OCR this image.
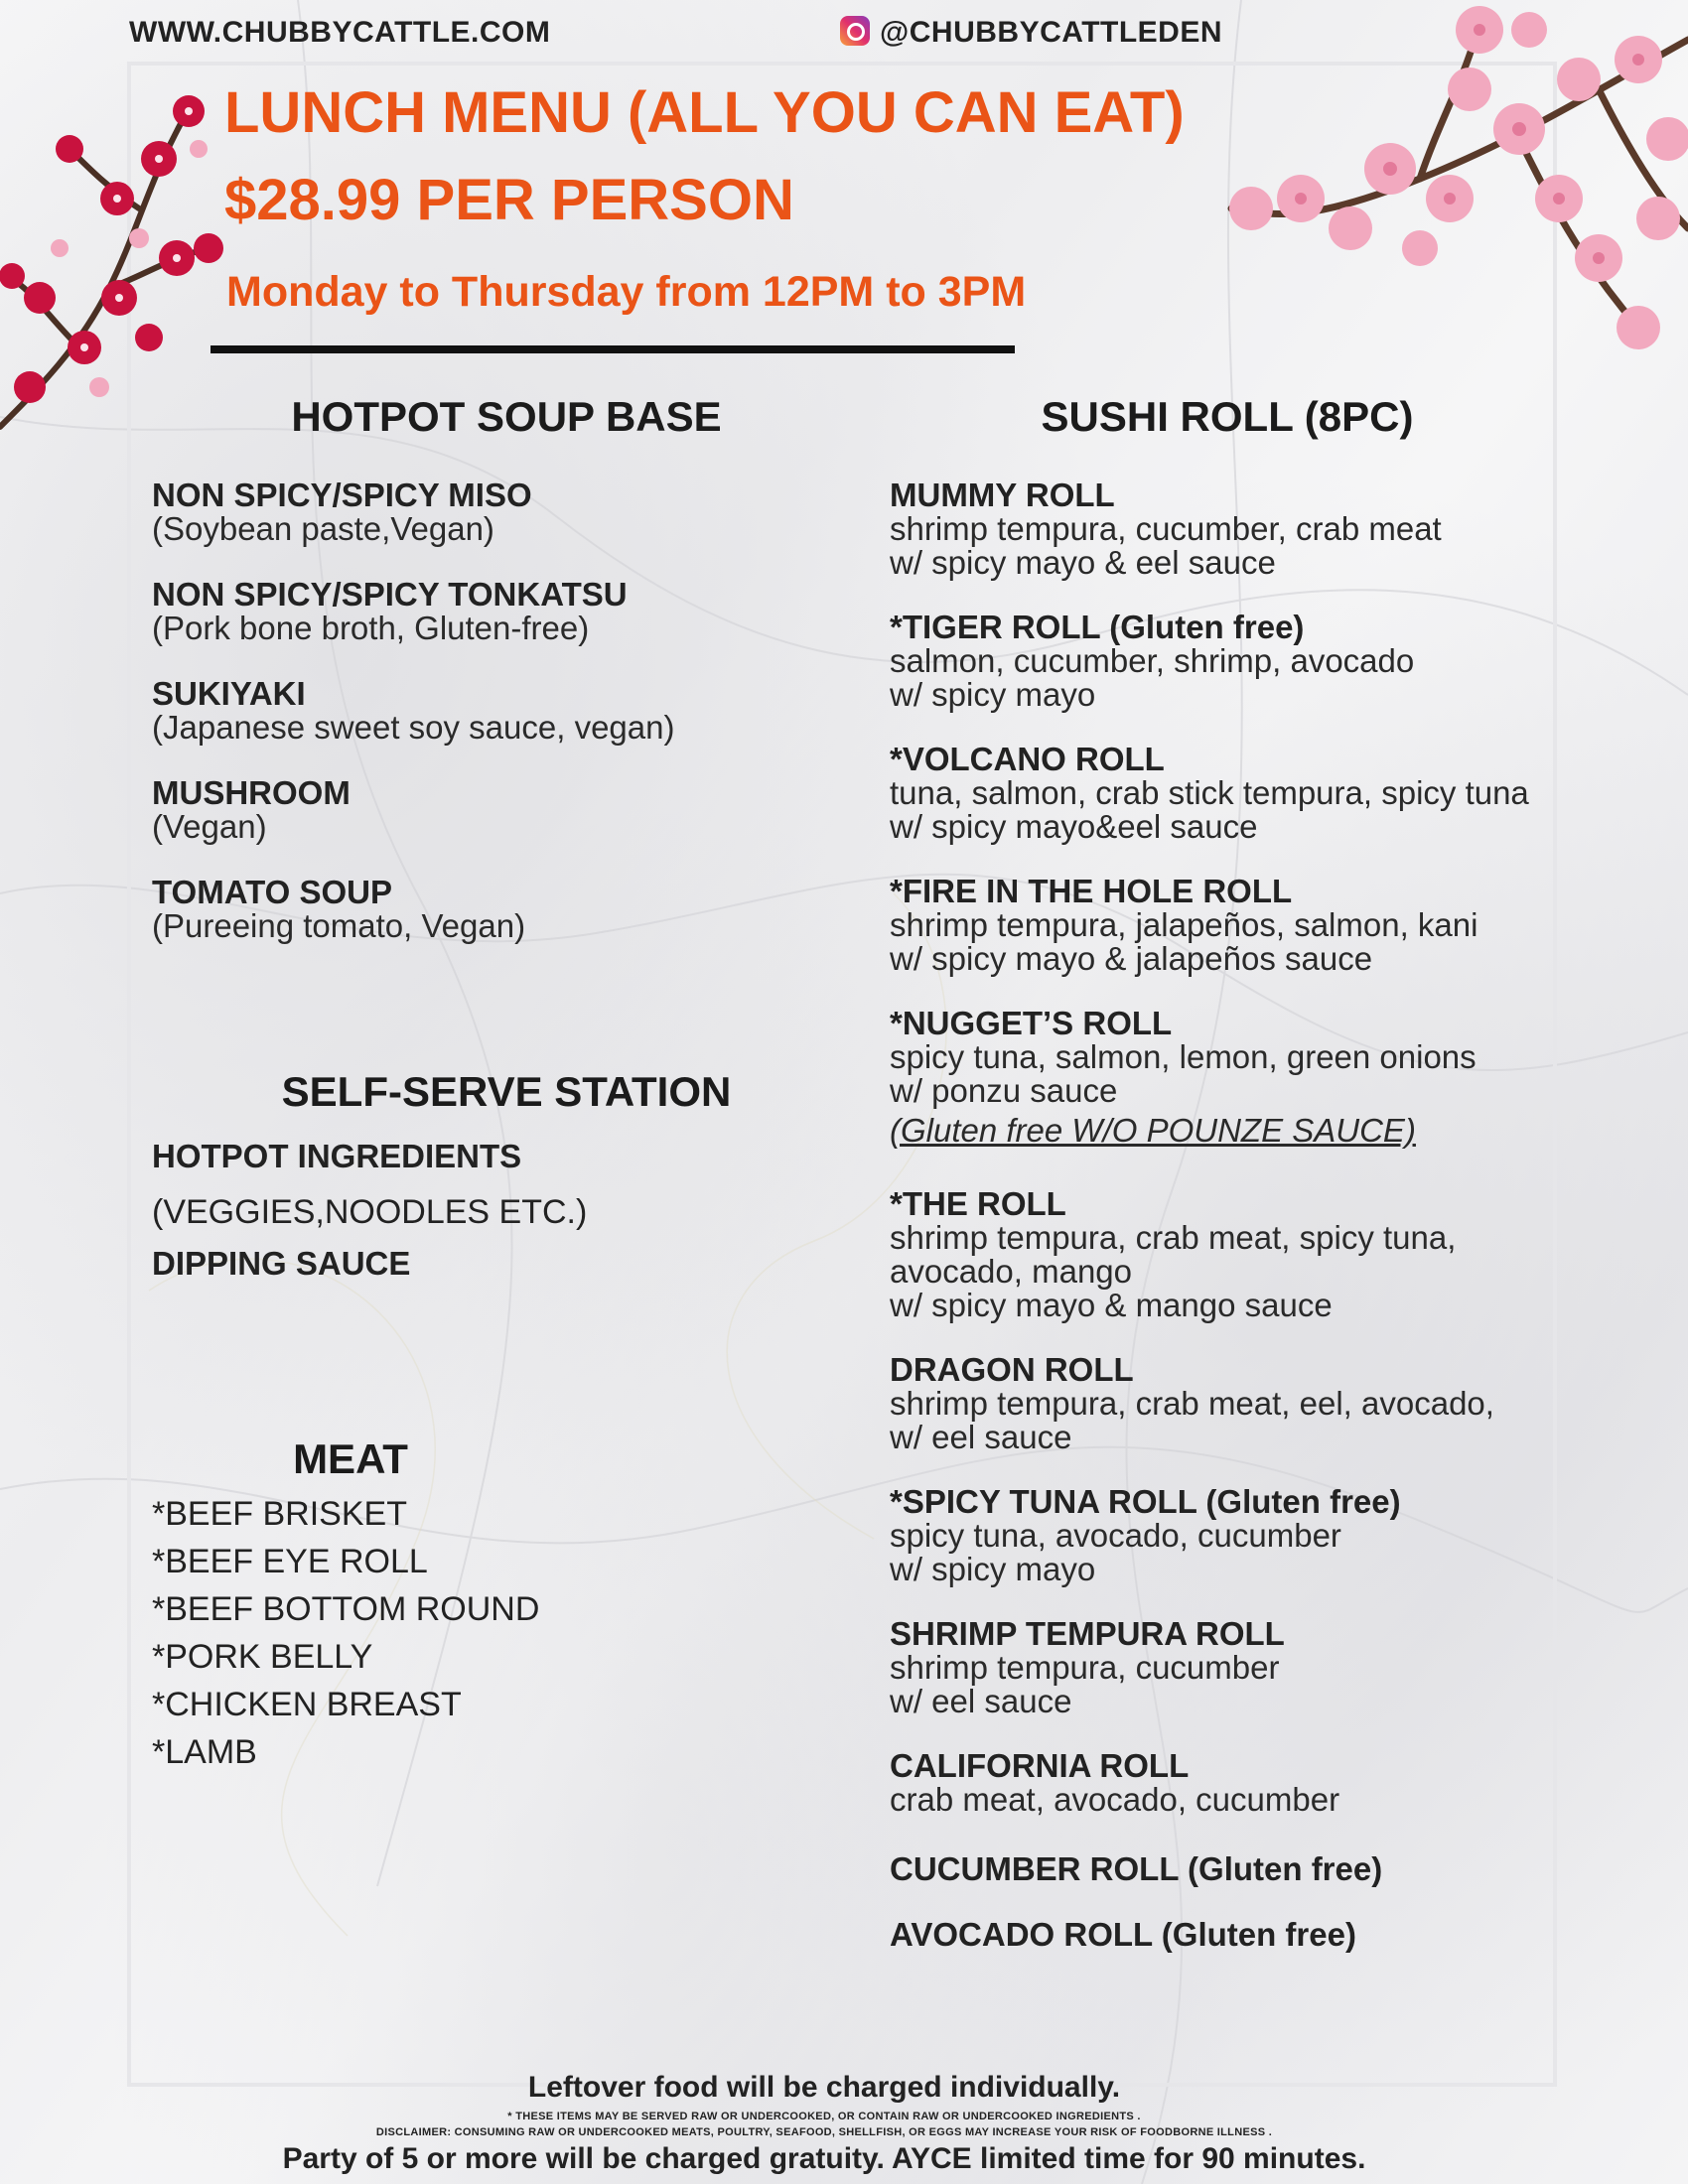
WWW.CHUBBYCATTLE.COM	@CHUBBYCATTLEDEN
LUNCH MENU (ALL YOU CAN EAT)
$28.99 PER PERSON
Monday to Thursday from 12PM to 3PM
HOTPOT SOUP BASE
NON SPICY/SPICY MISO
(Soybean paste,Vegan)
NON SPICY/SPICY TONKATSU
(Pork bone broth, Gluten-free)
SUKIYAKI
(Japanese sweet soy sauce, vegan)
MUSHROOM
(Vegan)
TOMATO SOUP
(Pureeing tomato, Vegan)
SELF-SERVE STATION
HOTPOT INGREDIENTS
(VEGGIES,NOODLES ETC.)
DIPPING SAUCE
MEAT
*BEEF BRISKET
*BEEF EYE ROLL
*BEEF BOTTOM ROUND
*PORK BELLY
*CHICKEN BREAST
*LAMB
SUSHI ROLL (8PC)
MUMMY ROLL
shrimp tempura, cucumber, crab meat
w/ spicy mayo & eel sauce
*TIGER ROLL (Gluten free)
salmon, cucumber, shrimp, avocado
w/ spicy mayo
*VOLCANO ROLL
tuna, salmon, crab stick tempura, spicy tuna
w/ spicy mayo&eel sauce
*FIRE IN THE HOLE ROLL
shrimp tempura, jalapeños, salmon, kani
w/ spicy mayo & jalapeños sauce
*NUGGET’S ROLL
spicy tuna, salmon, lemon, green onions
w/ ponzu sauce
(Gluten free W/O POUNZE SAUCE)
*THE ROLL
shrimp tempura, crab meat, spicy tuna,
avocado, mango
w/ spicy mayo & mango sauce
DRAGON ROLL
shrimp tempura, crab meat, eel, avocado,
w/ eel sauce
*SPICY TUNA ROLL (Gluten free)
spicy tuna, avocado, cucumber
w/ spicy mayo
SHRIMP TEMPURA ROLL
shrimp tempura, cucumber
w/ eel sauce
CALIFORNIA ROLL
crab meat, avocado, cucumber
CUCUMBER ROLL (Gluten free)
AVOCADO ROLL (Gluten free)
Leftover food will be charged individually.
* THESE ITEMS MAY BE SERVED RAW OR UNDERCOOKED, OR CONTAIN RAW OR UNDERCOOKED INGREDIENTS .
DISCLAIMER: CONSUMING RAW OR UNDERCOOKED MEATS, POULTRY, SEAFOOD, SHELLFISH, OR EGGS MAY INCREASE YOUR RISK OF FOODBORNE ILLNESS .
Party of 5 or more will be charged gratuity. AYCE limited time for 90 minutes.
